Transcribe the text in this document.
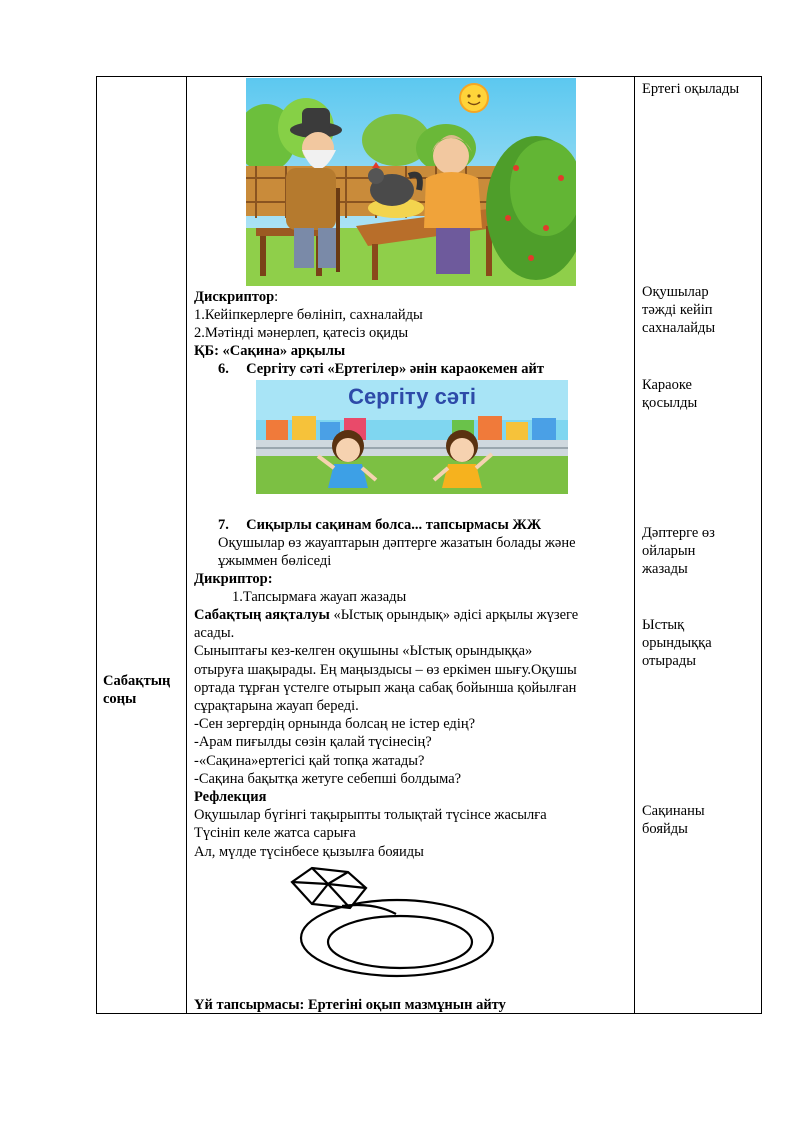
Сабақтың
соңы
Дискриптор:
1.Кейіпкерлерге бөлініп, сахналайды
2.Мәтінді мәнерлеп, қатесіз оқиды
ҚБ: «Сақина» арқылы
6. Сергіту сәті «Ертегілер» әнін караокемен айт
Сергіту сәті
7. Сиқырлы сақинам болса... тапсырмасы ЖЖ
Оқушылар өз жауаптарын дәптерге жазатын болады және
ұжыммен бөліседі
Дикриптор:
1.Тапсырмаға жауап жазады
Сабақтың аяқталуы «Ыстық орындық» әдісі арқылы жүзеге
асады.
Сыныптағы кез-келген оқушыны «Ыстық орындыққа»
отыруға шақырады. Ең маңыздысы – өз еркімен шығу.Оқушы
ортада тұрған үстелге отырып жаңа сабақ бойынша қойылған
сұрақтарына жауап береді.
-Сен зергердің орнында болсаң не істер едің?
-Арам пиғылды сөзін қалай түсінесің?
-«Сақина»ертегісі қай топқа жатады?
-Сақина бақытқа жетуге себепші болдыма?
Рефлекция
Оқушылар бүгінгі тақырыпты толықтай түсінсе жасылға
Түсініп келе жатса сарыға
Ал, мүлде түсінбесе қызылға бояиды
Үй тапсырмасы: Ертегіні оқып мазмұнын айту
Ертегі оқылады
Оқушылар
тәжді кейіп
сахналайды
Караоке
қосылды
Дәптерге өз
ойларын
жазады
Ыстық
орындыққа
отырады
Сақинаны
бояйды
